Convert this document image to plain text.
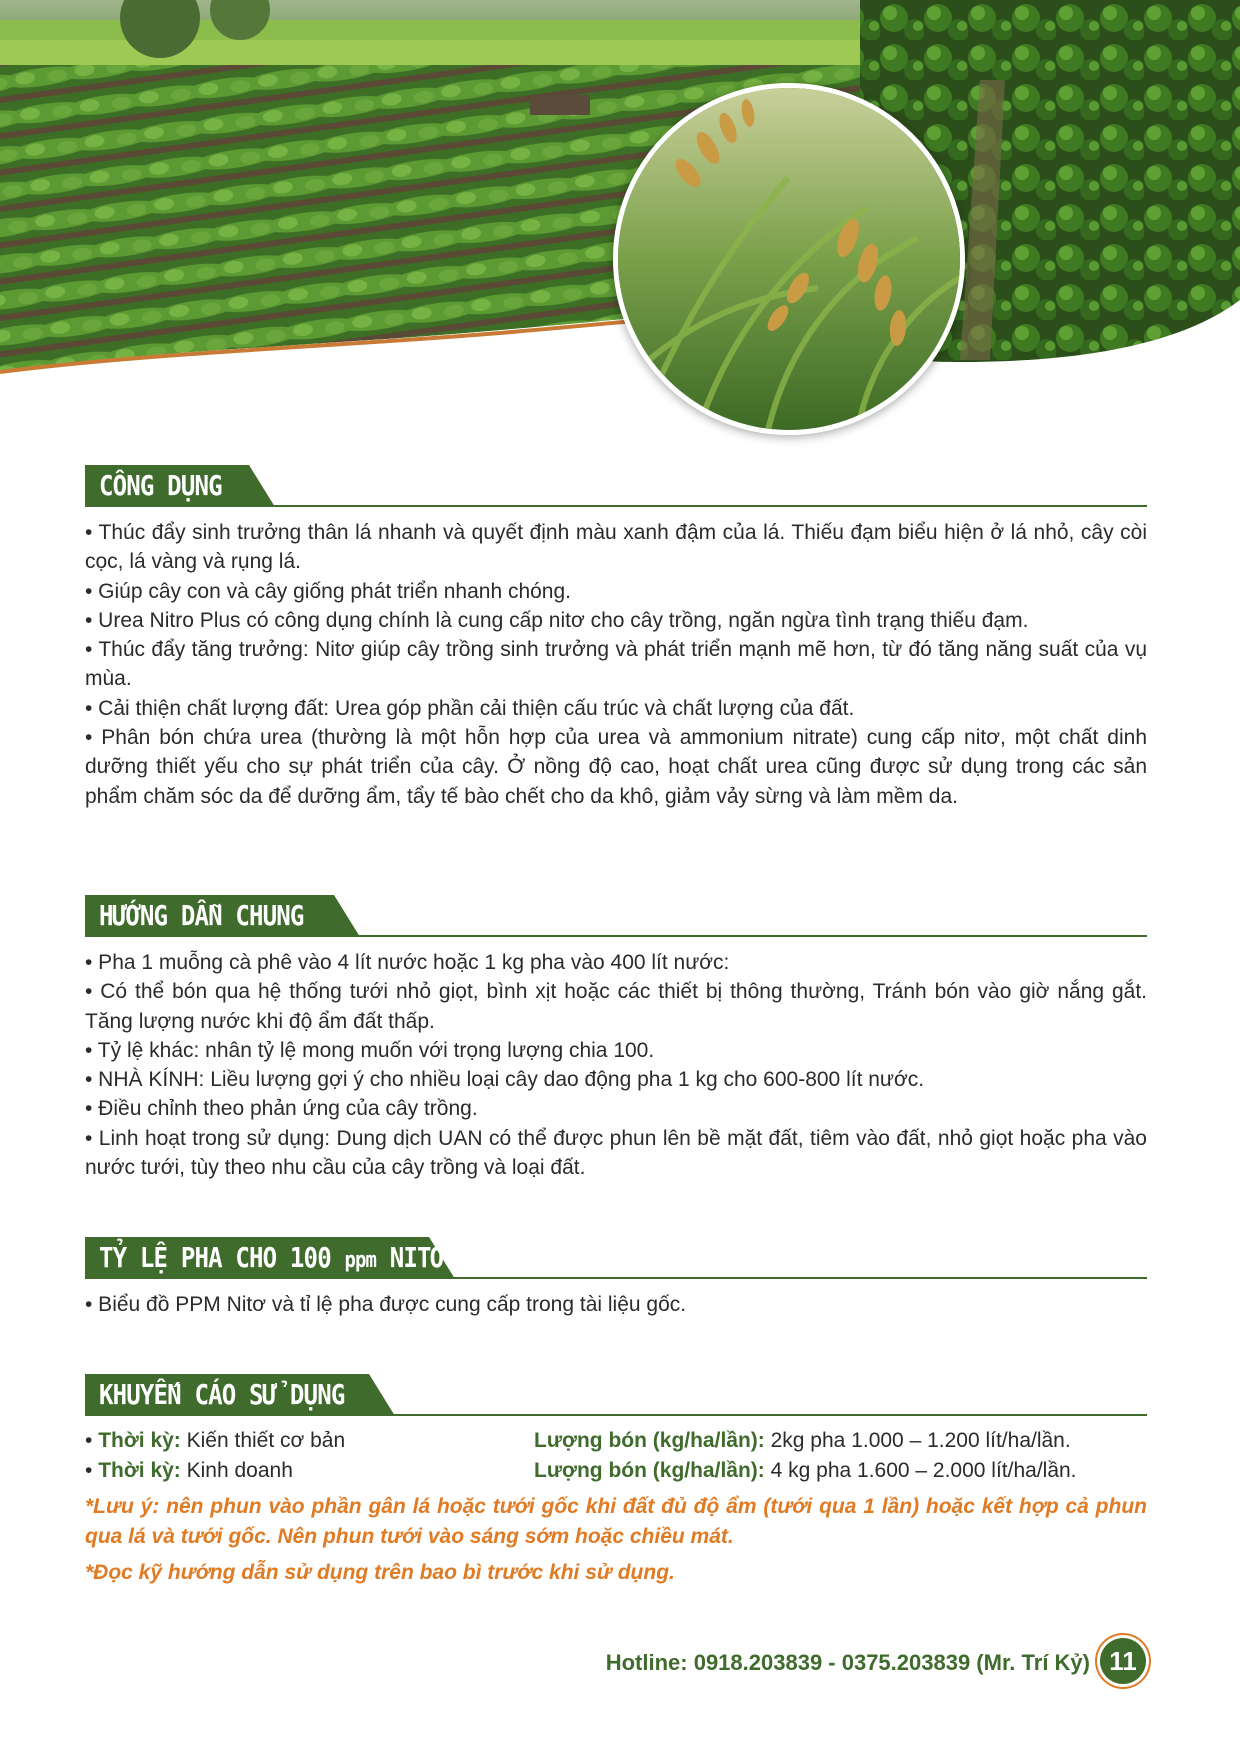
CÔNG DỤNG

• Thúc đẩy sinh trưởng thân lá nhanh và quyết định màu xanh đậm của lá. Thiếu đạm biểu hiện ở lá nhỏ, cây còi cọc, lá vàng và rụng lá.

• Giúp cây con và cây giống phát triển nhanh chóng.

• Urea Nitro Plus có công dụng chính là cung cấp nitơ cho cây trồng, ngăn ngừa tình trạng thiếu đạm.

• Thúc đẩy tăng trưởng: Nitơ giúp cây trồng sinh trưởng và phát triển mạnh mẽ hơn, từ đó tăng năng suất của vụ mùa.

• Cải thiện chất lượng đất: Urea góp phần cải thiện cấu trúc và chất lượng của đất.

• Phân bón chứa urea (thường là một hỗn hợp của urea và ammonium nitrate) cung cấp nitơ, một chất dinh dưỡng thiết yếu cho sự phát triển của cây. Ở nồng độ cao, hoạt chất urea cũng được sử dụng trong các sản phẩm chăm sóc da để dưỡng ẩm, tẩy tế bào chết cho da khô, giảm vảy sừng và làm mềm da.

HƯỚNG DẪN CHUNG

• Pha 1 muỗng cà phê vào 4 lít nước hoặc 1 kg pha vào 400 lít nước:

• Có thể bón qua hệ thống tưới nhỏ giọt, bình xịt hoặc các thiết bị thông thường, Tránh bón vào giờ nắng gắt. Tăng lượng nước khi độ ẩm đất thấp.

• Tỷ lệ khác: nhân tỷ lệ mong muốn với trọng lượng chia 100.

• NHÀ KÍNH: Liều lượng gợi ý cho nhiều loại cây dao động pha 1 kg cho 600-800 lít nước.

• Điều chỉnh theo phản ứng của cây trồng.

• Linh hoạt trong sử dụng: Dung dịch UAN có thể được phun lên bề mặt đất, tiêm vào đất, nhỏ giọt hoặc pha vào nước tưới, tùy theo nhu cầu của cây trồng và loại đất.

TỶ LỆ PHA CHO 100 ppm NITƠ

• Biểu đồ PPM Nitơ và tỉ lệ pha được cung cấp trong tài liệu gốc.

KHUYẾN CÁO SỬ DỤNG
• Thời kỳ: Kiến thiết cơ bản	Lượng bón (kg/ha/lần): 2kg pha 1.000 – 1.200 lít/ha/lần.
• Thời kỳ: Kinh doanh	Lượng bón (kg/ha/lần): 4 kg pha 1.600 – 2.000 lít/ha/lần.

*Lưu ý: nên phun vào phần gân lá hoặc tưới gốc khi đất đủ độ ẩm (tưới qua 1 lần) hoặc kết hợp cả phun qua lá và tưới gốc. Nên phun tưới vào sáng sớm hoặc chiều mát.

*Đọc kỹ hướng dẫn sử dụng trên bao bì trước khi sử dụng.

Hotline: 0918.203839 - 0375.203839 (Mr. Trí Kỷ) 11
